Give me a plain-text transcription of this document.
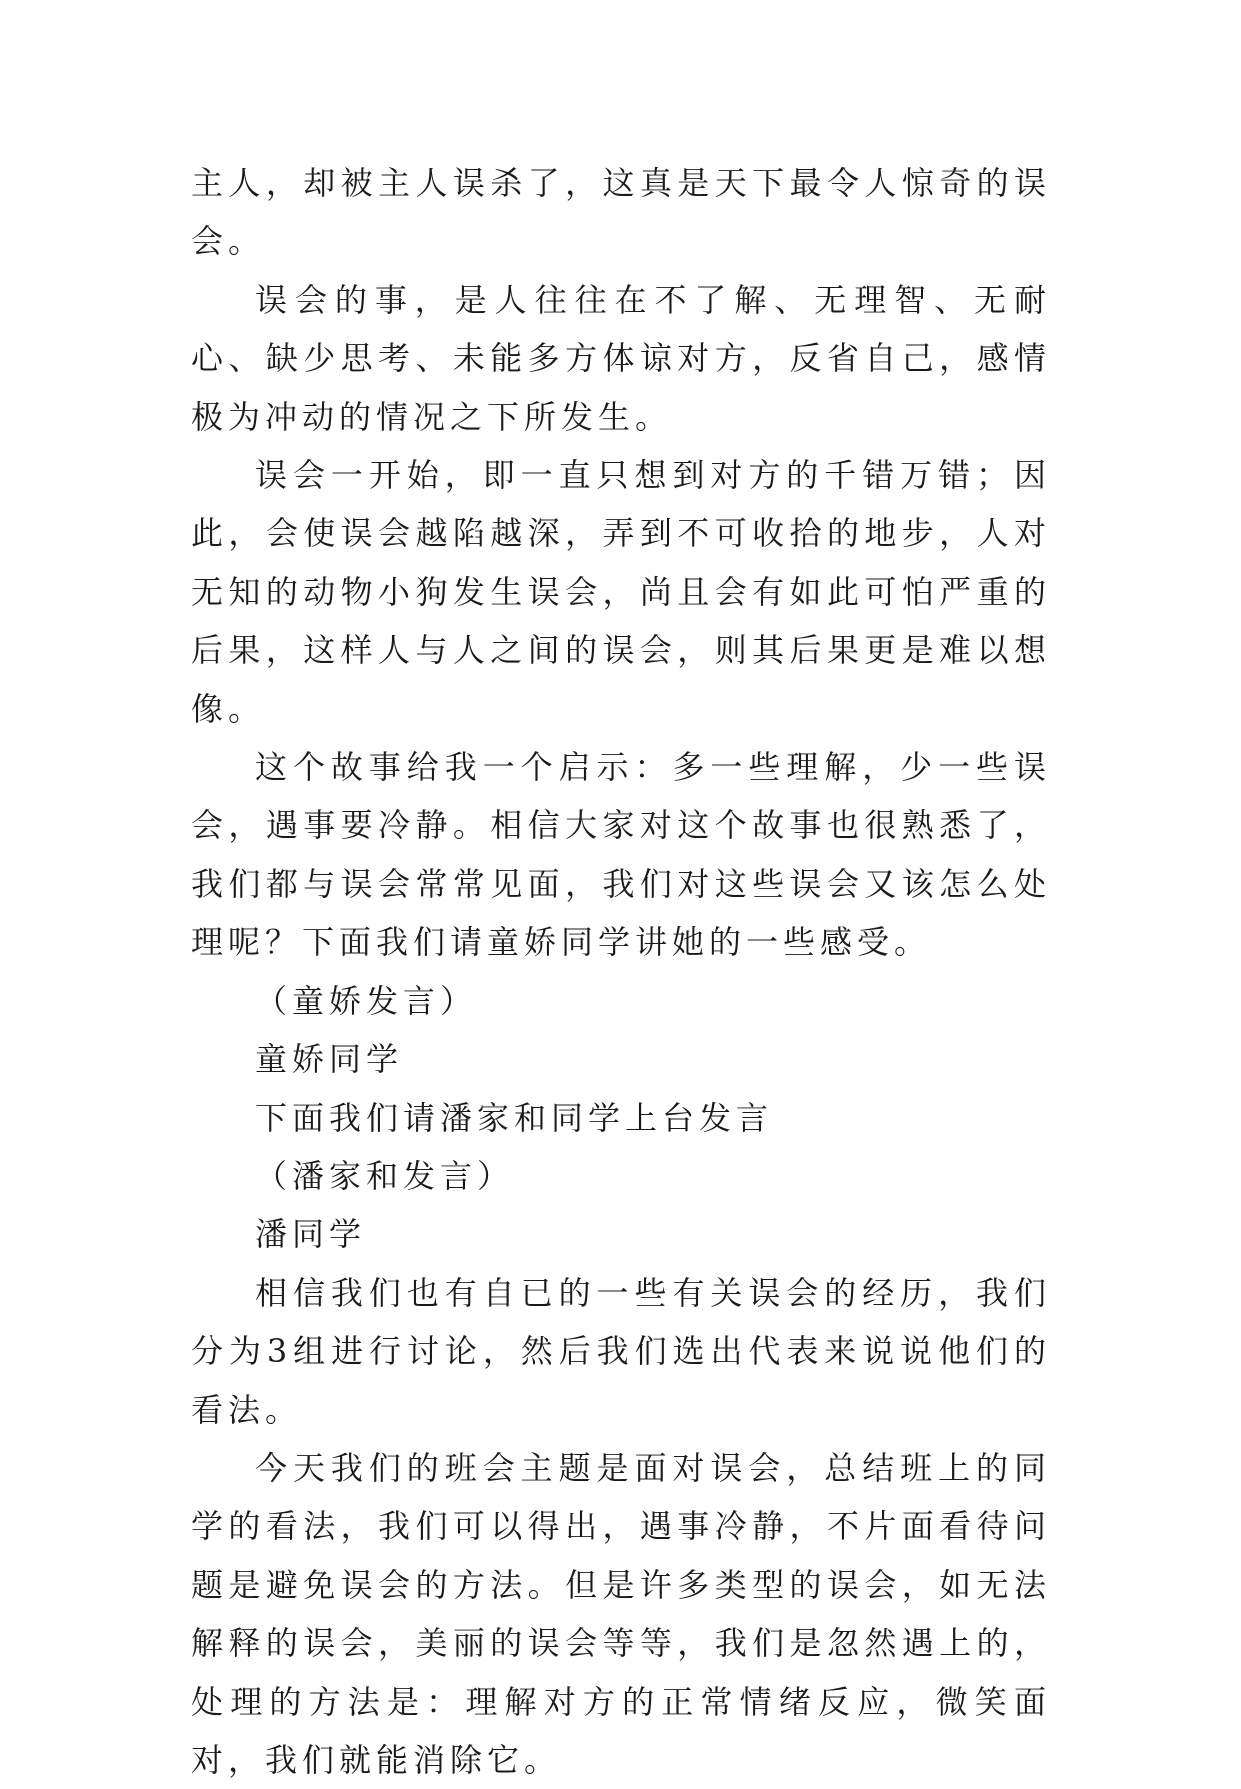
主人，却被主人误杀了，这真是天下最令人惊奇的误会。

误会的事，是人往往在不了解、无理智、无耐心、缺少思考、未能多方体谅对方，反省自己，感情极为冲动的情况之下所发生。

误会一开始，即一直只想到对方的千错万错；因此，会使误会越陷越深，弄到不可收拾的地步，人对无知的动物小狗发生误会，尚且会有如此可怕严重的后果，这样人与人之间的误会，则其后果更是难以想像。

这个故事给我一个启示：多一些理解，少一些误会，遇事要冷静。相信大家对这个故事也很熟悉了，我们都与误会常常见面，我们对这些误会又该怎么处理呢？下面我们请童娇同学讲她的一些感受。

（童娇发言）

童娇同学

下面我们请潘家和同学上台发言

（潘家和发言）

潘同学

相信我们也有自已的一些有关误会的经历，我们分为3组进行讨论，然后我们选出代表来说说他们的看法。

今天我们的班会主题是面对误会，总结班上的同学的看法，我们可以得出，遇事冷静，不片面看待问题是避免误会的方法。但是许多类型的误会，如无法解释的误会，美丽的误会等等，我们是忽然遇上的，处理的方法是：理解对方的正常情绪反应，微笑面对，我们就能消除它。
